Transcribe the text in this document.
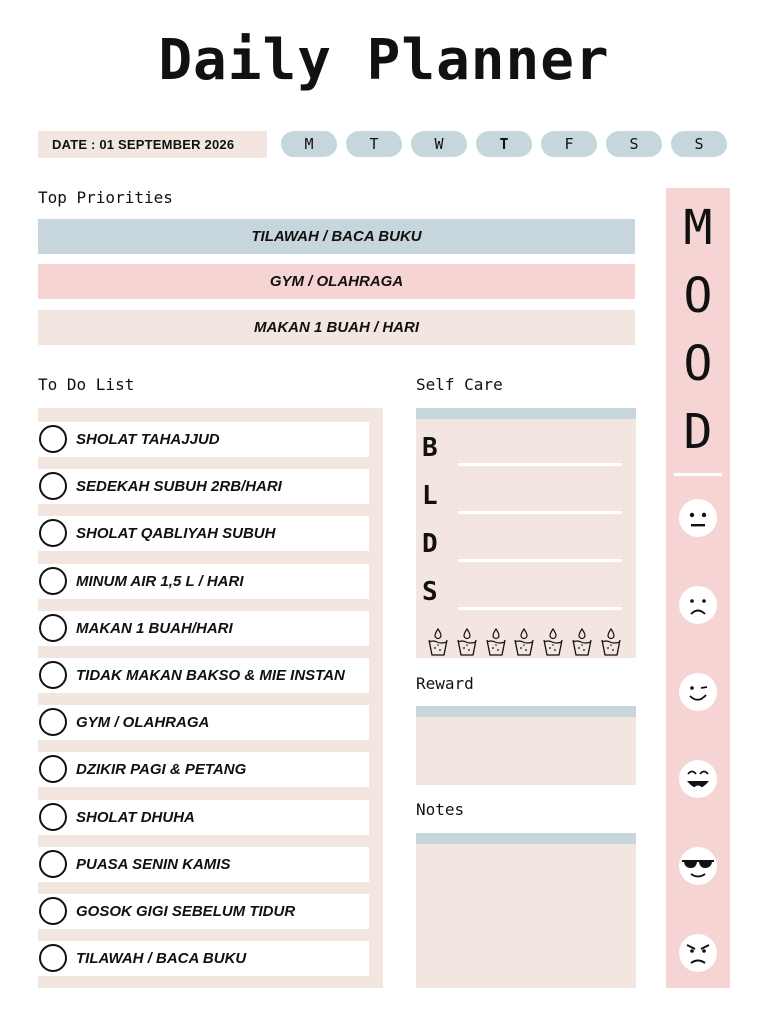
Daily Planner
DATE : 01 SEPTEMBER 2026	M	T	W	T	F	S	S
Top Priorities
TILAWAH / BACA BUKU
GYM / OLAHRAGA
MAKAN 1 BUAH / HARI
To Do List
SHOLAT TAHAJJUD
SEDEKAH SUBUH 2RB/HARI
SHOLAT QABLIYAH SUBUH
MINUM AIR 1,5 L / HARI
MAKAN 1 BUAH/HARI
TIDAK MAKAN BAKSO & MIE INSTAN
GYM / OLAHRAGA
DZIKIR PAGI & PETANG
SHOLAT DHUHA
PUASA SENIN KAMIS
GOSOK GIGI SEBELUM TIDUR
TILAWAH / BACA BUKU
Self Care
B
L
D
S
Reward
Notes
M
O
O
D
